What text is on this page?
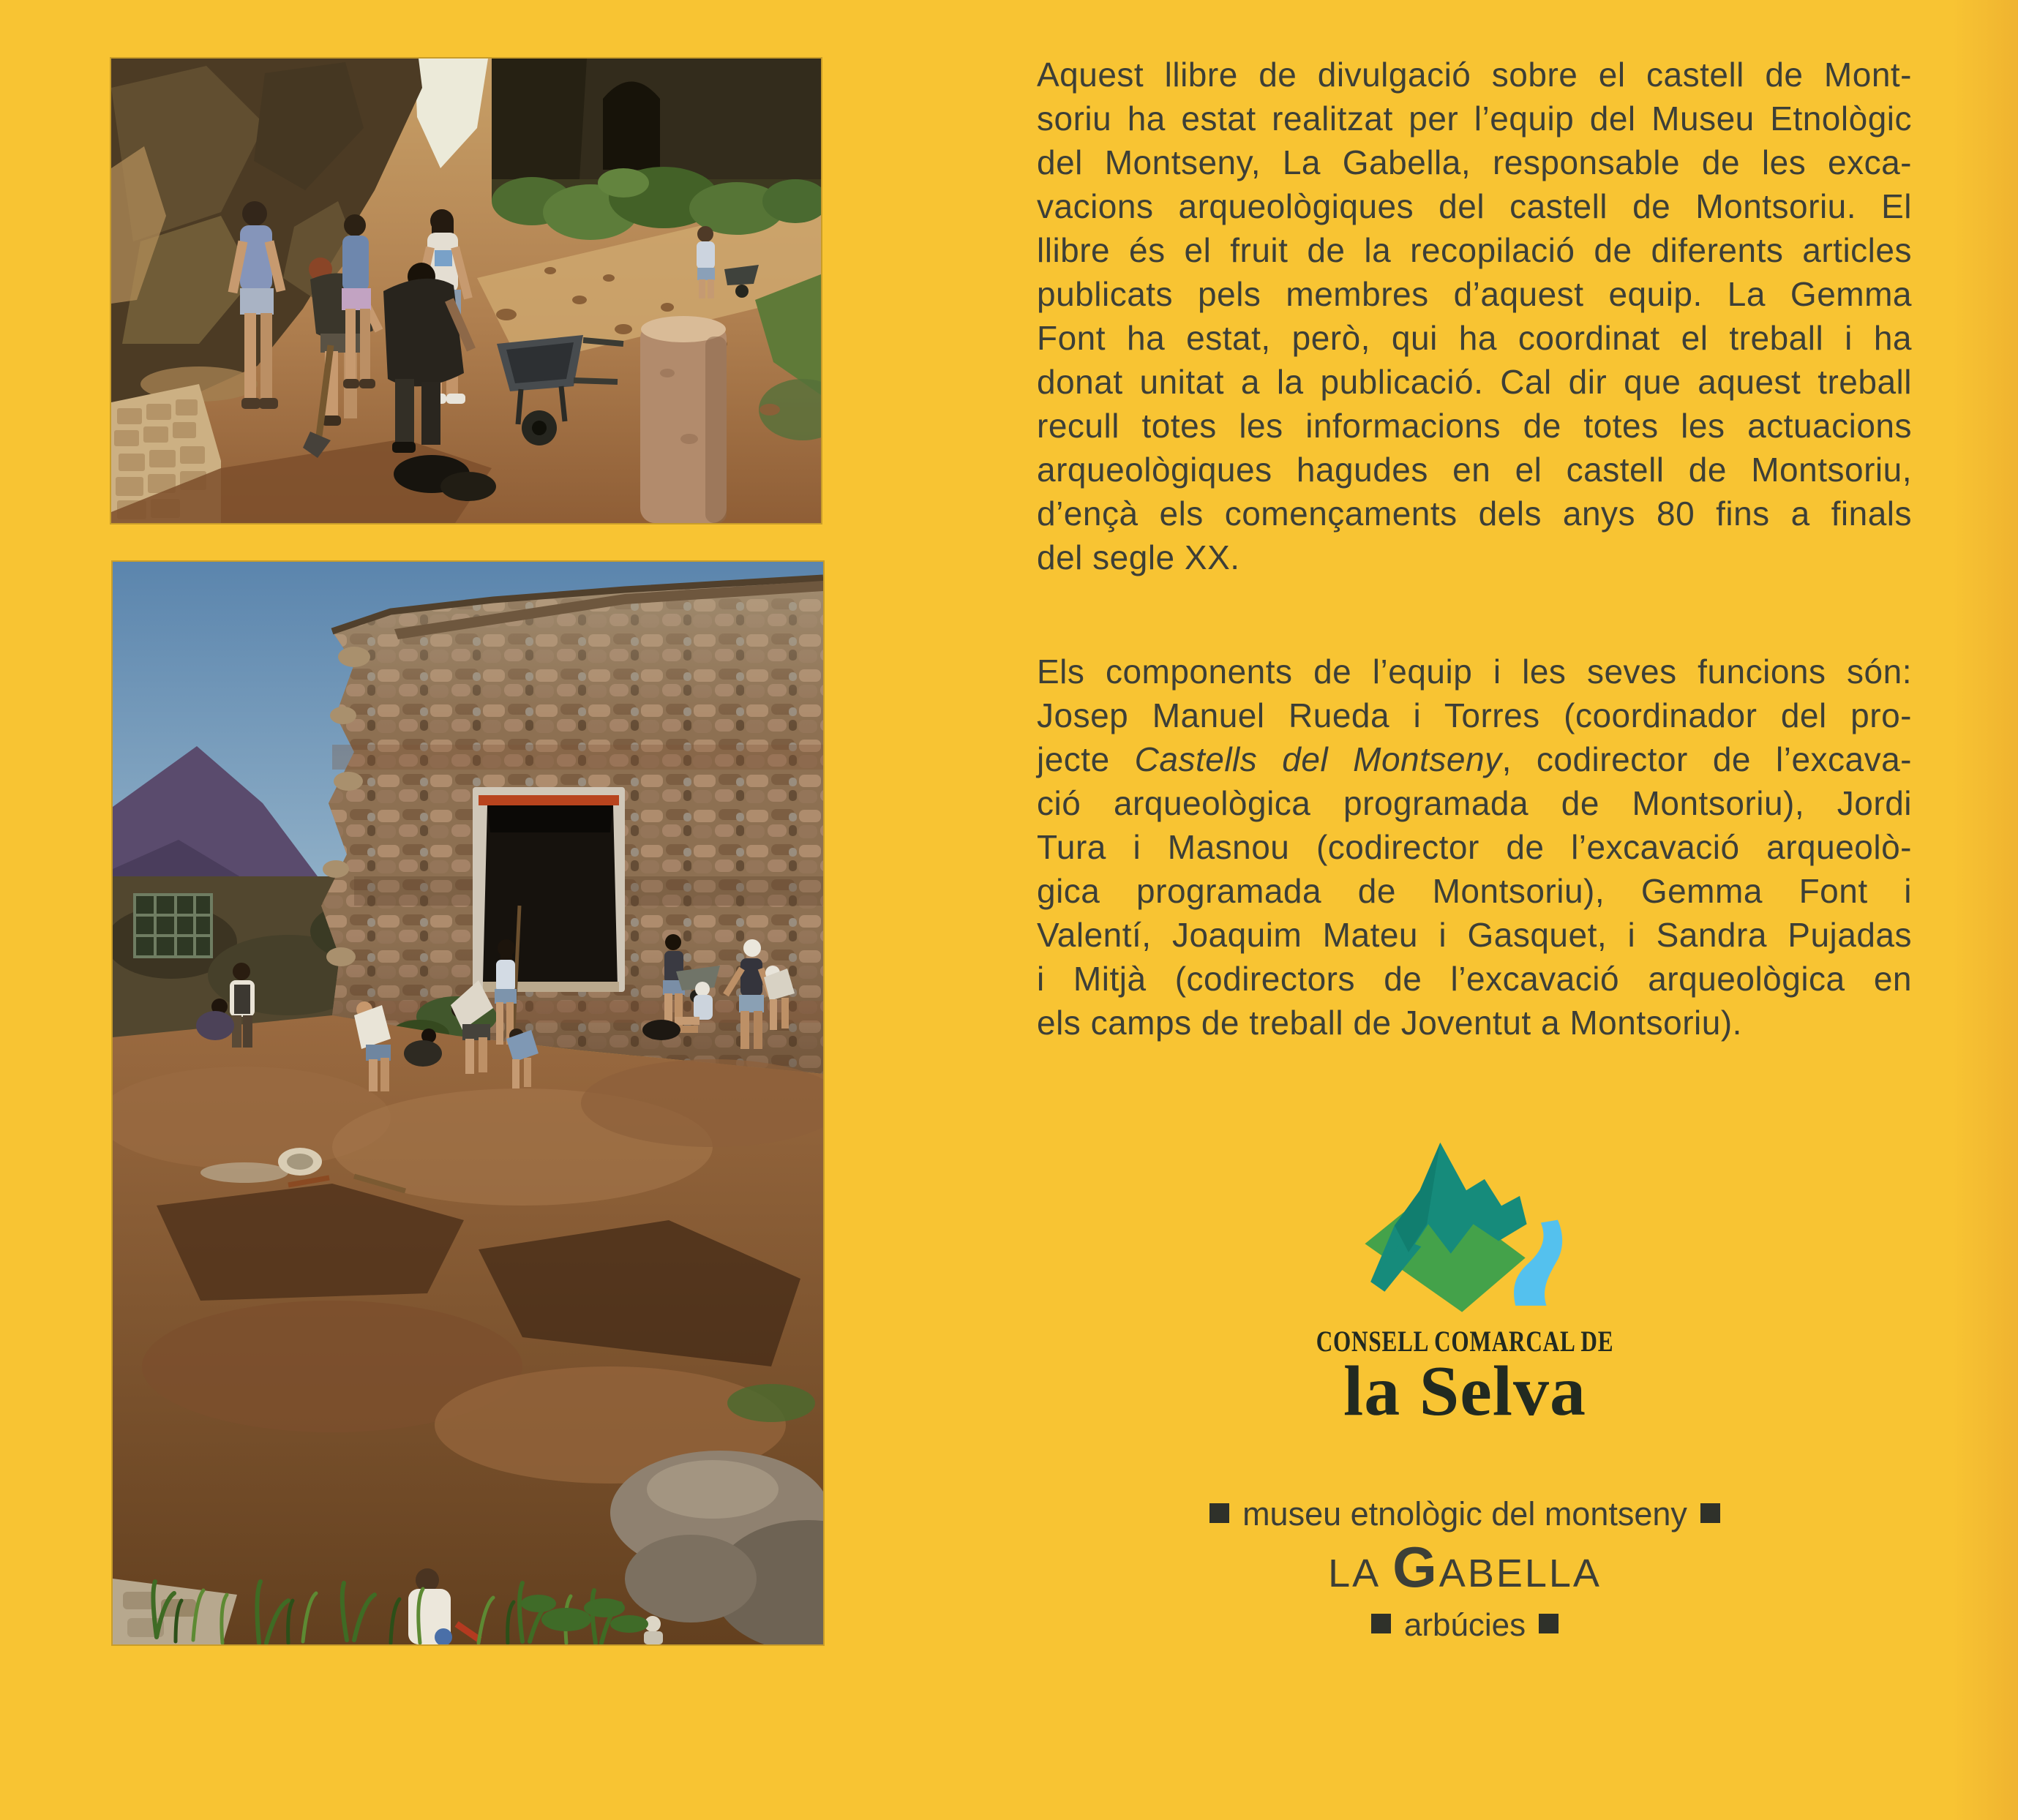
Aquest llibre de divulgació sobre el castell de Mont-
soriu ha estat realitzat per l’equip del Museu Etnològic
del Montseny, La Gabella, responsable de les exca-
vacions arqueològiques del castell de Montsoriu. El
llibre és el fruit de la recopilació de diferents articles
publicats pels membres d’aquest equip. La Gemma
Font ha estat, però, qui ha coordinat el treball i ha
donat unitat a la publicació. Cal dir que aquest treball
recull totes les informacions de totes les actuacions
arqueològiques hagudes en el castell de Montsoriu,
d’ençà els començaments dels anys 80 fins a finals
del segle XX.
Els components de l’equip i les seves funcions són:
Josep Manuel Rueda i Torres (coordinador del pro-
jecte Castells del Montseny, codirector de l’excava-
ció arqueològica programada de Montsoriu), Jordi
Tura i Masnou (codirector de l’excavació arqueolò-
gica programada de Montsoriu), Gemma Font i
Valentí, Joaquim Mateu i Gasquet, i Sandra Pujadas
i Mitjà (codirectors de l’excavació arqueològica en
els camps de treball de Joventut a Montsoriu).
CONSELL COMARCAL DE
la Selva
museu etnològic del montseny
LA GABELLA
arbúcies
